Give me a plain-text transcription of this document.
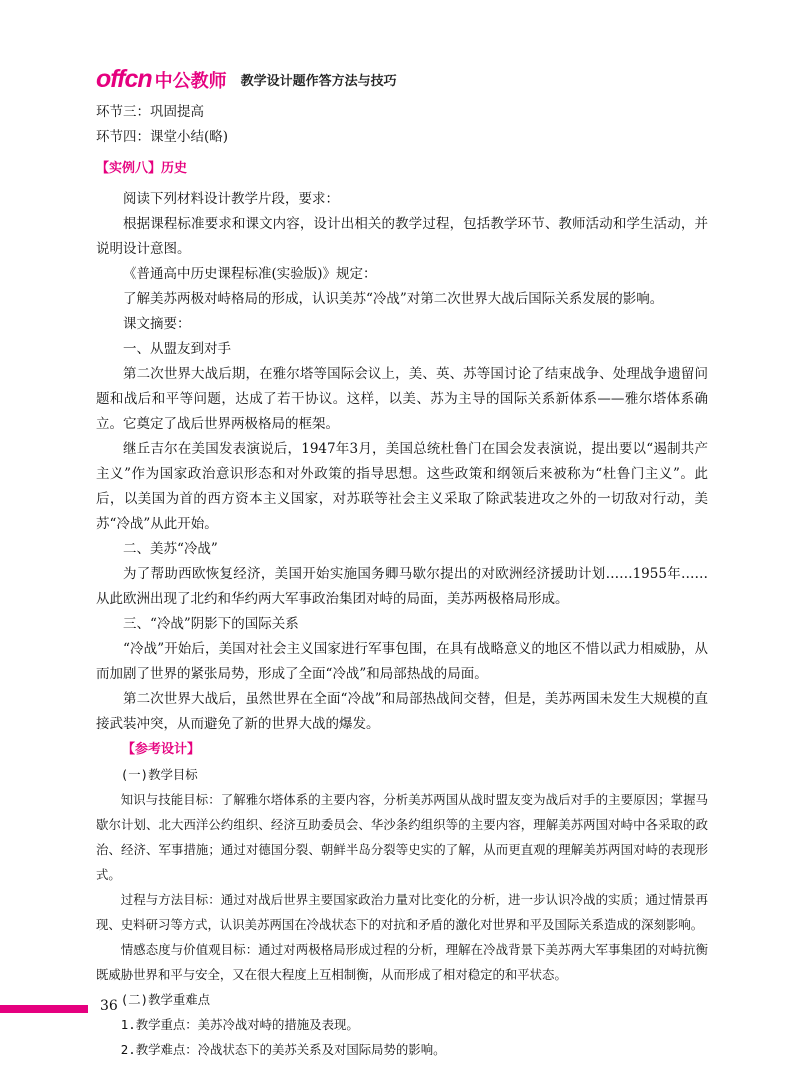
offcn 中公教师 教学设计题作答方法与技巧

环节三：巩固提高

环节四：课堂小结(略)

【实例八】历史

阅读下列材料设计教学片段，要求：

根据课程标准要求和课文内容，设计出相关的教学过程，包括教学环节、教师活动和学生活动，并说明设计意图。

《普通高中历史课程标准(实验版)》规定：

了解美苏两极对峙格局的形成，认识美苏“冷战”对第二次世界大战后国际关系发展的影响。

课文摘要：

一、从盟友到对手

第二次世界大战后期，在雅尔塔等国际会议上，美、英、苏等国讨论了结束战争、处理战争遗留问题和战后和平等问题，达成了若干协议。这样，以美、苏为主导的国际关系新体系——雅尔塔体系确立。它奠定了战后世界两极格局的框架。

继丘吉尔在美国发表演说后，1947年3月，美国总统杜鲁门在国会发表演说，提出要以“遏制共产主义”作为国家政治意识形态和对外政策的指导思想。这些政策和纲领后来被称为“杜鲁门主义”。此后，以美国为首的西方资本主义国家，对苏联等社会主义采取了除武装进攻之外的一切敌对行动，美苏“冷战”从此开始。

二、美苏“冷战”

为了帮助西欧恢复经济，美国开始实施国务卿马歇尔提出的对欧洲经济援助计划……1955年……从此欧洲出现了北约和华约两大军事政治集团对峙的局面，美苏两极格局形成。

三、“冷战”阴影下的国际关系

“冷战”开始后，美国对社会主义国家进行军事包围，在具有战略意义的地区不惜以武力相威胁，从而加剧了世界的紧张局势，形成了全面“冷战”和局部热战的局面。

第二次世界大战后，虽然世界在全面“冷战”和局部热战间交替，但是，美苏两国未发生大规模的直接武装冲突，从而避免了新的世界大战的爆发。

【参考设计】

(一)教学目标

知识与技能目标：了解雅尔塔体系的主要内容，分析美苏两国从战时盟友变为战后对手的主要原因；掌握马歇尔计划、北大西洋公约组织、经济互助委员会、华沙条约组织等的主要内容，理解美苏两国对峙中各采取的政治、经济、军事措施；通过对德国分裂、朝鲜半岛分裂等史实的了解，从而更直观的理解美苏两国对峙的表现形式。

过程与方法目标：通过对战后世界主要国家政治力量对比变化的分析，进一步认识冷战的实质；通过情景再现、史料研习等方式，认识美苏两国在冷战状态下的对抗和矛盾的激化对世界和平及国际关系造成的深刻影响。

情感态度与价值观目标：通过对两极格局形成过程的分析，理解在冷战背景下美苏两大军事集团的对峙抗衡既威胁世界和平与安全，又在很大程度上互相制衡，从而形成了相对稳定的和平状态。

(二)教学重难点

1.教学重点：美苏冷战对峙的措施及表现。

2.教学难点：冷战状态下的美苏关系及对国际局势的影响。

36
